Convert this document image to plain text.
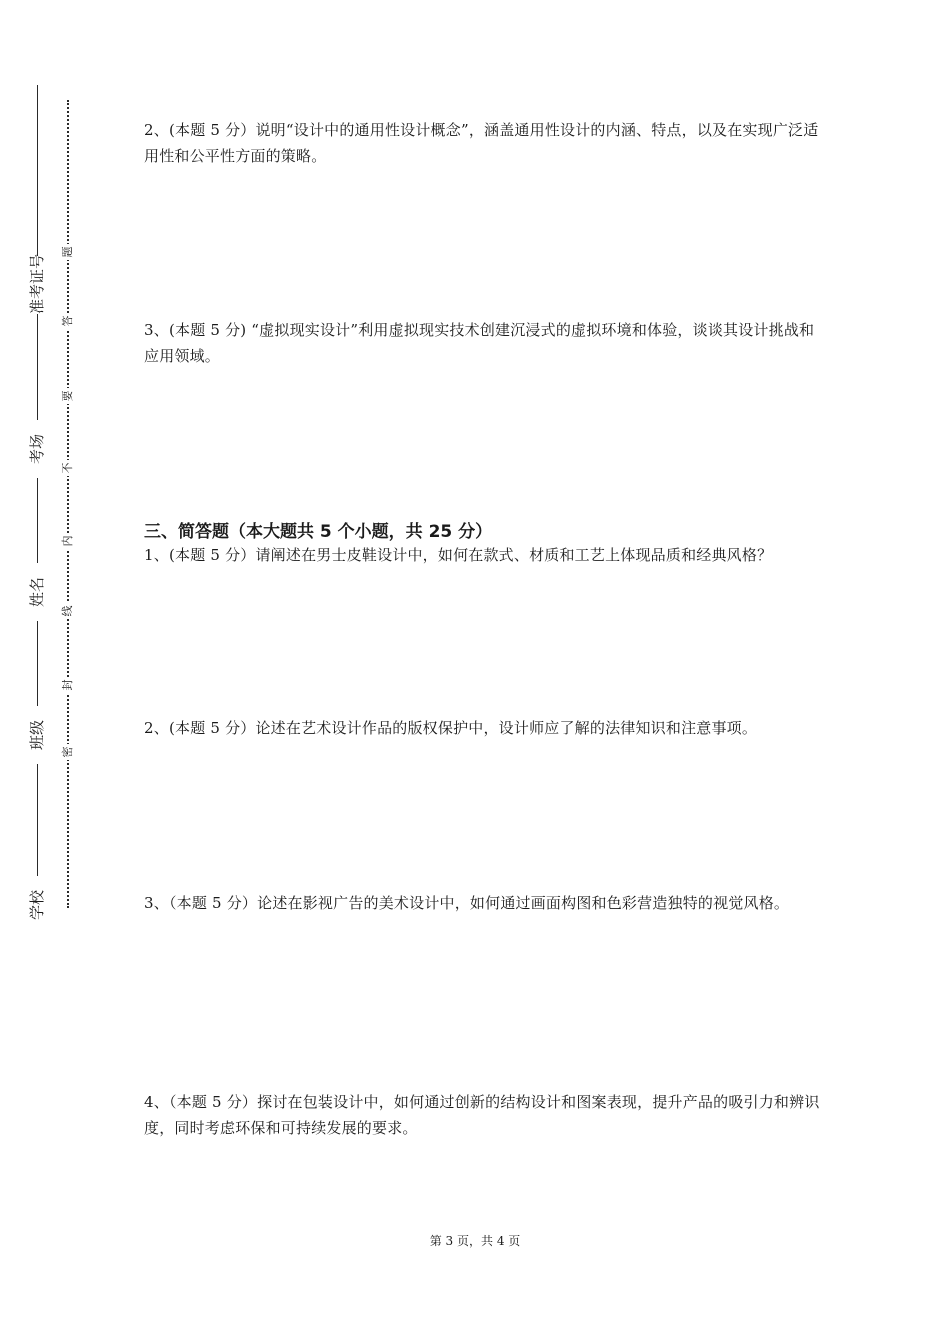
准考证号
考场
姓名
班级
学校
题
答
要
不
内
线
封
密
2、(本题 5 分）说明“设计中的通用性设计概念”，涵盖通用性设计的内涵、特点，以及在实现广泛适用性和公平性方面的策略。
3、(本题 5 分) “虚拟现实设计”利用虚拟现实技术创建沉浸式的虚拟环境和体验，谈谈其设计挑战和应用领域。
三、简答题（本大题共 5 个小题，共 25 分）
1、(本题 5 分）请阐述在男士皮鞋设计中，如何在款式、材质和工艺上体现品质和经典风格？
2、(本题 5 分）论述在艺术设计作品的版权保护中，设计师应了解的法律知识和注意事项。
3、（本题 5 分）论述在影视广告的美术设计中，如何通过画面构图和色彩营造独特的视觉风格。
4、（本题 5 分）探讨在包装设计中，如何通过创新的结构设计和图案表现，提升产品的吸引力和辨识度，同时考虑环保和可持续发展的要求。
第 3 页，共 4 页
